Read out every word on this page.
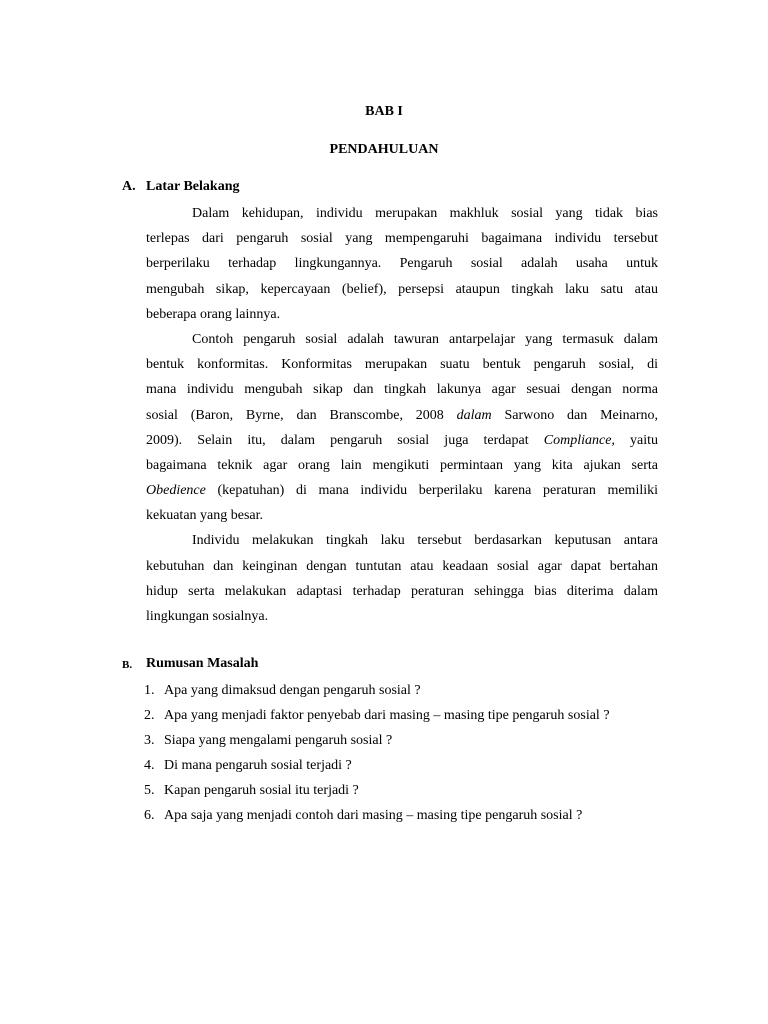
BAB I
PENDAHULUAN
A. Latar Belakang
Dalam kehidupan, individu merupakan makhluk sosial yang tidak bias
terlepas dari pengaruh sosial yang mempengaruhi bagaimana individu tersebut
berperilaku terhadap lingkungannya. Pengaruh sosial adalah usaha untuk
mengubah sikap, kepercayaan (belief), persepsi ataupun tingkah laku satu atau
beberapa orang lainnya.
Contoh pengaruh sosial adalah tawuran antarpelajar yang termasuk dalam
bentuk konformitas. Konformitas merupakan suatu bentuk pengaruh sosial, di
mana individu mengubah sikap dan tingkah lakunya agar sesuai dengan norma
sosial (Baron, Byrne, dan Branscombe, 2008 dalam Sarwono dan Meinarno,
2009). Selain itu, dalam pengaruh sosial juga terdapat Compliance, yaitu
bagaimana teknik agar orang lain mengikuti permintaan yang kita ajukan serta
Obedience (kepatuhan) di mana individu berperilaku karena peraturan memiliki
kekuatan yang besar.
Individu melakukan tingkah laku tersebut berdasarkan keputusan antara
kebutuhan dan keinginan dengan tuntutan atau keadaan sosial agar dapat bertahan
hidup serta melakukan adaptasi terhadap peraturan sehingga bias diterima dalam
lingkungan sosialnya.
B. Rumusan Masalah
1. Apa yang dimaksud dengan pengaruh sosial ?
2. Apa yang menjadi faktor penyebab dari masing – masing tipe pengaruh sosial ?
3. Siapa yang mengalami pengaruh sosial ?
4. Di mana pengaruh sosial terjadi ?
5. Kapan pengaruh sosial itu terjadi ?
6. Apa saja yang menjadi contoh dari masing – masing tipe pengaruh sosial ?
